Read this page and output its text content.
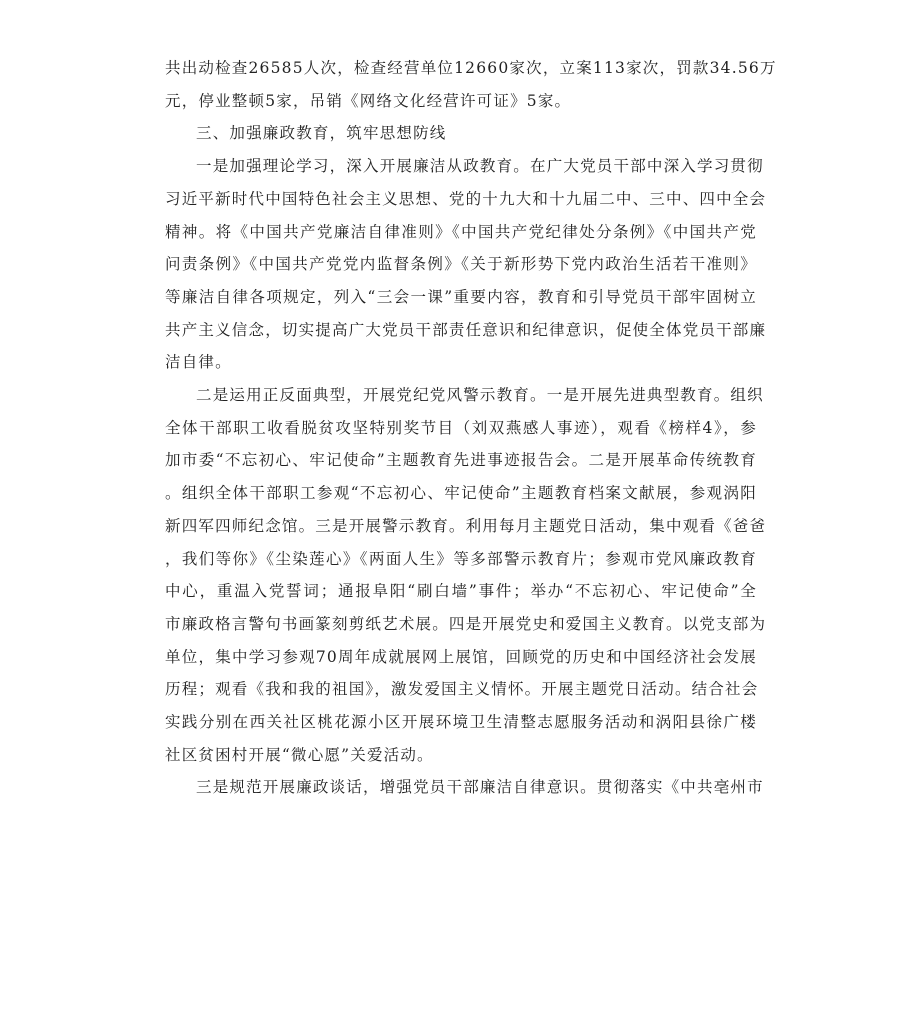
共出动检查26585人次，检查经营单位12660家次，立案113家次，罚款34.56万
元，停业整顿5家，吊销《网络文化经营许可证》5家。

三、加强廉政教育，筑牢思想防线

一是加强理论学习，深入开展廉洁从政教育。在广大党员干部中深入学习贯彻
习近平新时代中国特色社会主义思想、党的十九大和十九届二中、三中、四中全会
精神。将《中国共产党廉洁自律准则》《中国共产党纪律处分条例》《中国共产党
问责条例》《中国共产党党内监督条例》《关于新形势下党内政治生活若干准则》
等廉洁自律各项规定，列入“三会一课”重要内容，教育和引导党员干部牢固树立
共产主义信念，切实提高广大党员干部责任意识和纪律意识，促使全体党员干部廉
洁自律。

二是运用正反面典型，开展党纪党风警示教育。一是开展先进典型教育。组织
全体干部职工收看脱贫攻坚特别奖节目（刘双燕感人事迹），观看《榜样4》，参
加市委“不忘初心、牢记使命”主题教育先进事迹报告会。二是开展革命传统教育
。组织全体干部职工参观“不忘初心、牢记使命”主题教育档案文献展，参观涡阳
新四军四师纪念馆。三是开展警示教育。利用每月主题党日活动，集中观看《爸爸
，我们等你》《尘染莲心》《两面人生》等多部警示教育片；参观市党风廉政教育
中心，重温入党誓词；通报阜阳“刷白墙”事件；举办“不忘初心、牢记使命”全
市廉政格言警句书画篆刻剪纸艺术展。四是开展党史和爱国主义教育。以党支部为
单位，集中学习参观70周年成就展网上展馆，回顾党的历史和中国经济社会发展
历程；观看《我和我的祖国》，激发爱国主义情怀。开展主题党日活动。结合社会
实践分别在西关社区桃花源小区开展环境卫生清整志愿服务活动和涡阳县徐广楼
社区贫困村开展“微心愿”关爱活动。

三是规范开展廉政谈话，增强党员干部廉洁自律意识。贯彻落实《中共亳州市
